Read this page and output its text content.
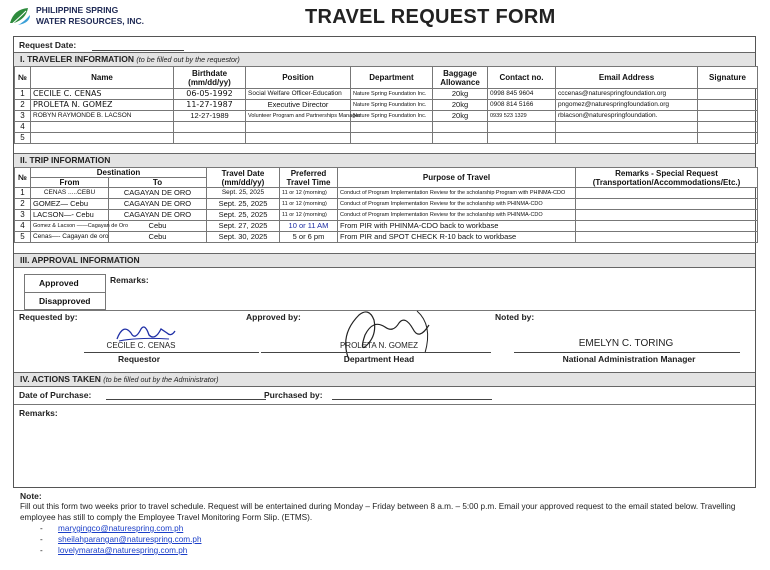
PHILIPPINE SPRING
WATER RESOURCES, INC.	TRAVEL REQUEST FORM
Request Date:
I. TRAVELER INFORMATION (to be filled out by the requestor)
№	Name	Birthdate (mm/dd/yy)	Position	Department	Baggage Allowance	Contact no.	Email Address	Signature
1	CECILE C. CENAS	06-05-1992	Social Welfare Officer-Education	Nature Spring Foundation Inc.	20kg	0998 845 9604	cccenas@naturespringfoundation.org	
2	PROLETA N. GOMEZ	11-27-1987	Executive Director	Nature Spring Foundation Inc.	20kg	0908 814 5166	pngomez@naturespringfoundation.org	
3	ROBYN RAYMONDE B. LACSON	12-27-1989	Volunteer Program and Partnerships Manager	Nature Spring Foundation Inc.	20kg	0939 523 1329	rblacson@naturespringfoundation.	
4								
5								
II. TRIP INFORMATION
№	Destination		Travel Date (mm/dd/yy)	Preferred Travel Time	Purpose of Travel	Remarks - Special Request (Transportation/Accommodations/Etc.)
	From	To				
1	CENAS .....CEBU	CAGAYAN DE ORO	Sept. 25, 2025	11 or 12 (morning)	Conduct of Program Implementation Review for the scholarship Program with PHINMA-CDO	
2	GOMEZ— Cebu	CAGAYAN DE ORO	Sept. 25, 2025	11 or 12 (morning)	Conduct of Program Implementation Review for the scholarship with PHINMA-CDO	
3	LACSON—- Cebu	CAGAYAN DE ORO	Sept. 25, 2025	11 or 12 (morning)	Conduct of Program Implementation Review for the scholarship with PHINMA-CDO	
4	Gomez & Lacson ——Cagayan de Oro	Cebu	Sept. 27, 2025	10 or 11 AM	From PIR with PHINMA-CDO back to workbase	
5	Cenas—- Cagayan de oro	Cebu	Sept. 30, 2025	5 or 6 pm	From PIR and SPOT CHECK R-10 back to workbase	
III. APPROVAL INFORMATION
Approved
Disapproved
Remarks:
Requested by:	Approved by:	Noted by:
CECILE C. CENAS
Requestor
PROLETA N. GOMEZ
Department Head
EMELYN C. TORING
National Administration Manager
IV. ACTIONS TAKEN (to be filled out by the Administrator)
Date of Purchase:	Purchased by:
Remarks:
Note:
Fill out this form two weeks prior to travel schedule. Request will be entertained during Monday – Friday between 8 a.m. – 5:00 p.m. Email your approved request to the email stated below. Travelling employee has still to comply the Employee Travel Monitoring Form Slip. (ETMS).
- marygingco@naturespring.com.ph
- sheilahparangan@naturespring.com.ph
- lovelymarata@naturespring.com.ph
